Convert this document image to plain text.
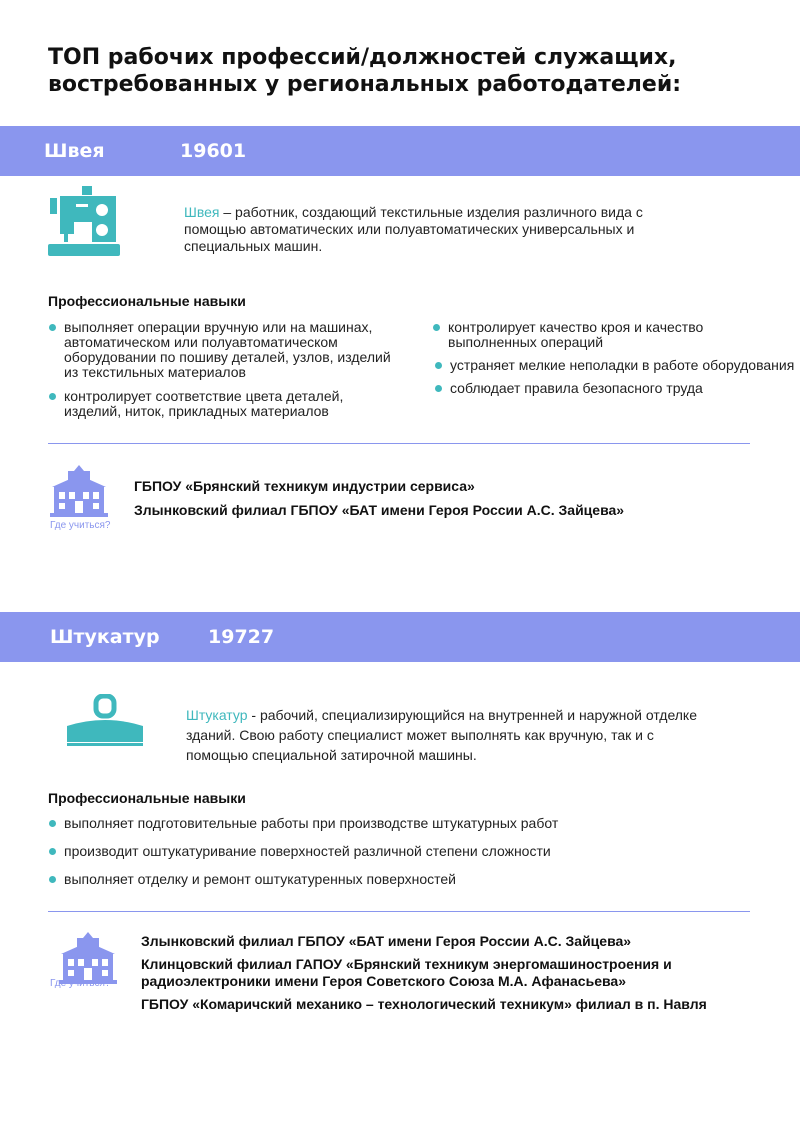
ТОП рабочих профессий/должностей служащих,
востребованных у региональных работодателей:
Швея	19601
Швея – работник, создающий текстильные изделия различного вида с помощью автоматических или полуавтоматических универсальных и специальных машин.
Профессиональные навыки
выполняет операции вручную или на машинах, автоматическом или полуавтоматическом оборудовании по пошиву деталей, узлов, изделий из текстильных материалов
контролирует соответствие цвета деталей, изделий, ниток, прикладных материалов
контролирует качество кроя и качество выполненных операций
устраняет мелкие неполадки в работе оборудования
соблюдает правила безопасного труда
Где учиться?
ГБПОУ «Брянский техникум индустрии сервиса»
Злынковский филиал ГБПОУ «БАТ имени Героя России А.С. Зайцева»
Штукатур	19727
Штукатур - рабочий, специализирующийся на внутренней и наружной отделке зданий. Свою работу специалист может выполнять как вручную, так и с помощью специальной затирочной машины.
Профессиональные навыки
выполняет подготовительные работы при производстве штукатурных работ
производит оштукатуривание поверхностей различной степени сложности
выполняет отделку и ремонт оштукатуренных поверхностей
Где учиться?
Злынковский филиал ГБПОУ «БАТ имени Героя России А.С. Зайцева»
Клинцовский филиал ГАПОУ «Брянский техникум энергомашиностроения и радиоэлектроники имени Героя Советского Союза М.А. Афанасьева»
ГБПОУ «Комаричский механико – технологический техникум» филиал в п. Навля
